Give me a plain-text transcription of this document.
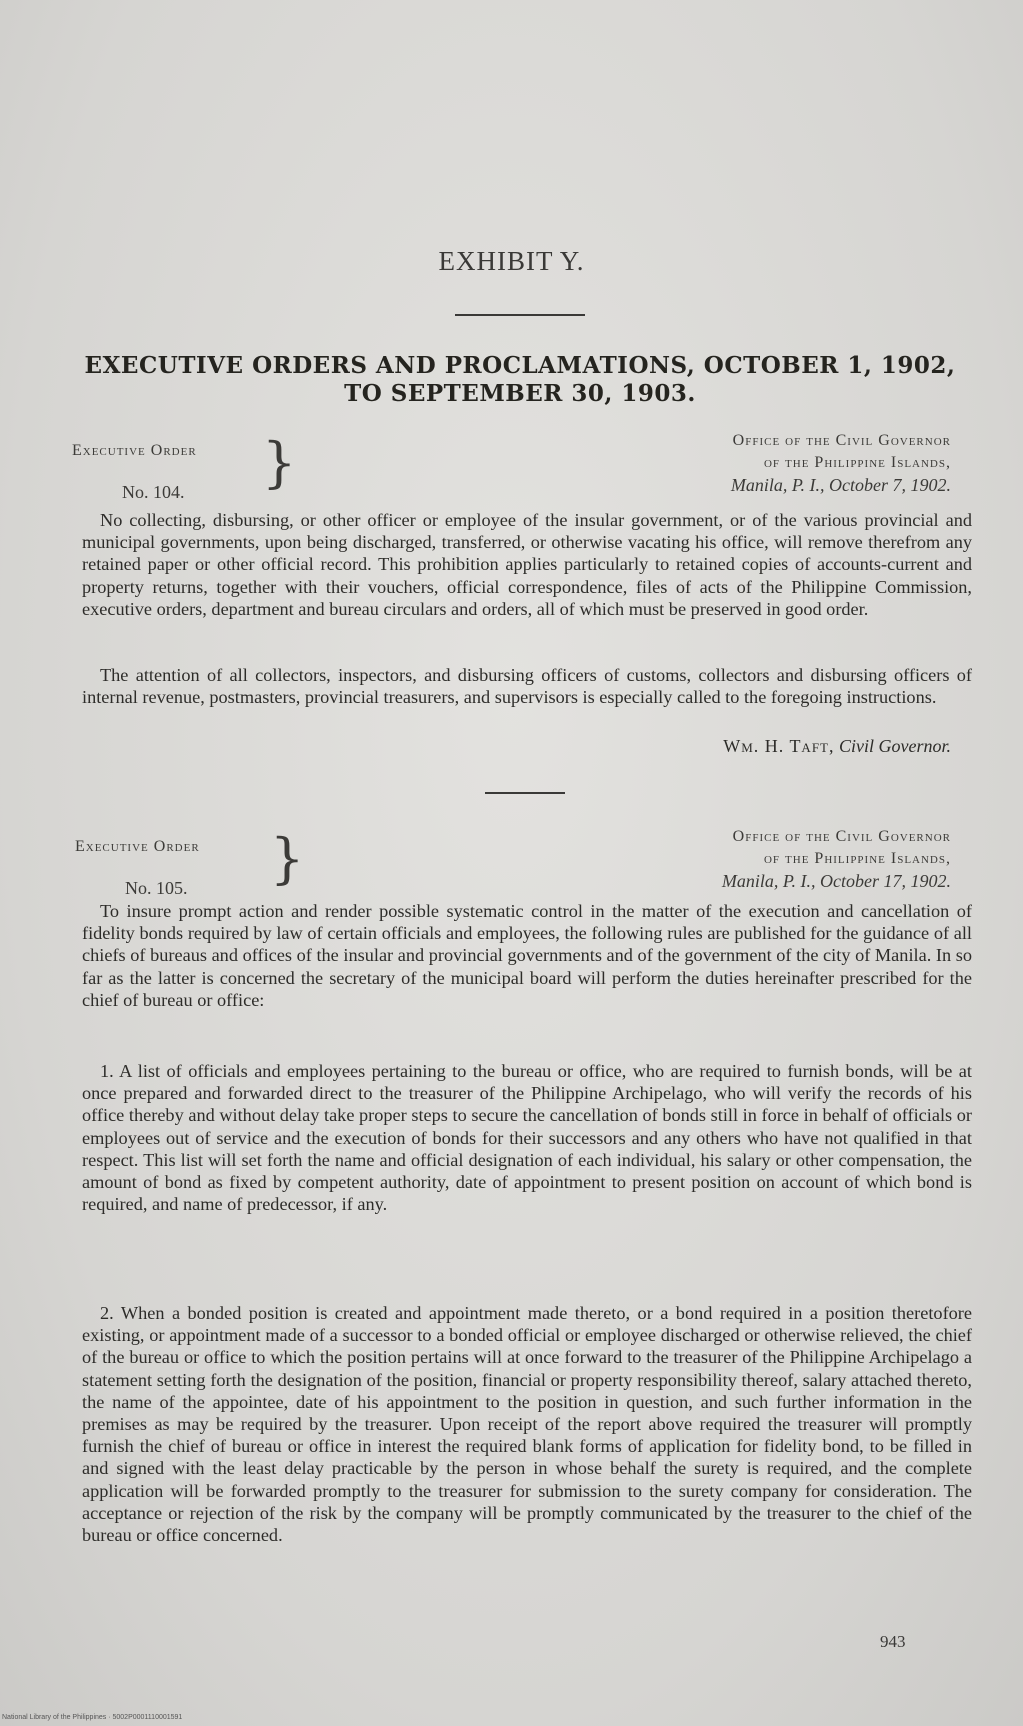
EXHIBIT Y.
EXECUTIVE ORDERS AND PROCLAMATIONS, OCTOBER 1, 1902, TO SEPTEMBER 30, 1903.
Executive Order
No. 104. }	Office of the Civil Governor
of the Philippine Islands,
Manila, P. I., October 7, 1902.
No collecting, disbursing, or other officer or employee of the insular government, or of the various provincial and municipal governments, upon being discharged, transferred, or otherwise vacating his office, will remove therefrom any retained paper or other official record. This prohibition applies particularly to retained copies of accounts-current and property returns, together with their vouchers, official correspondence, files of acts of the Philippine Commission, executive orders, department and bureau circulars and orders, all of which must be preserved in good order.
The attention of all collectors, inspectors, and disbursing officers of customs, collectors and disbursing officers of internal revenue, postmasters, provincial treasurers, and supervisors is especially called to the foregoing instructions.
Wm. H. Taft, Civil Governor.
Executive Order
No. 105. }	Office of the Civil Governor
of the Philippine Islands,
Manila, P. I., October 17, 1902.
To insure prompt action and render possible systematic control in the matter of the execution and cancellation of fidelity bonds required by law of certain officials and employees, the following rules are published for the guidance of all chiefs of bureaus and offices of the insular and provincial governments and of the government of the city of Manila. In so far as the latter is concerned the secretary of the municipal board will perform the duties hereinafter prescribed for the chief of bureau or office:
1. A list of officials and employees pertaining to the bureau or office, who are required to furnish bonds, will be at once prepared and forwarded direct to the treasurer of the Philippine Archipelago, who will verify the records of his office thereby and without delay take proper steps to secure the cancellation of bonds still in force in behalf of officials or employees out of service and the execution of bonds for their successors and any others who have not qualified in that respect. This list will set forth the name and official designation of each individual, his salary or other compensation, the amount of bond as fixed by competent authority, date of appointment to present position on account of which bond is required, and name of predecessor, if any.
2. When a bonded position is created and appointment made thereto, or a bond required in a position theretofore existing, or appointment made of a successor to a bonded official or employee discharged or otherwise relieved, the chief of the bureau or office to which the position pertains will at once forward to the treasurer of the Philippine Archipelago a statement setting forth the designation of the position, financial or property responsibility thereof, salary attached thereto, the name of the appointee, date of his appointment to the position in question, and such further information in the premises as may be required by the treasurer. Upon receipt of the report above required the treasurer will promptly furnish the chief of bureau or office in interest the required blank forms of application for fidelity bond, to be filled in and signed with the least delay practicable by the person in whose behalf the surety is required, and the complete application will be forwarded promptly to the treasurer for submission to the surety company for consideration. The acceptance or rejection of the risk by the company will be promptly communicated by the treasurer to the chief of the bureau or office concerned.
943
National Library of the Philippines · 5002P0001110001591
